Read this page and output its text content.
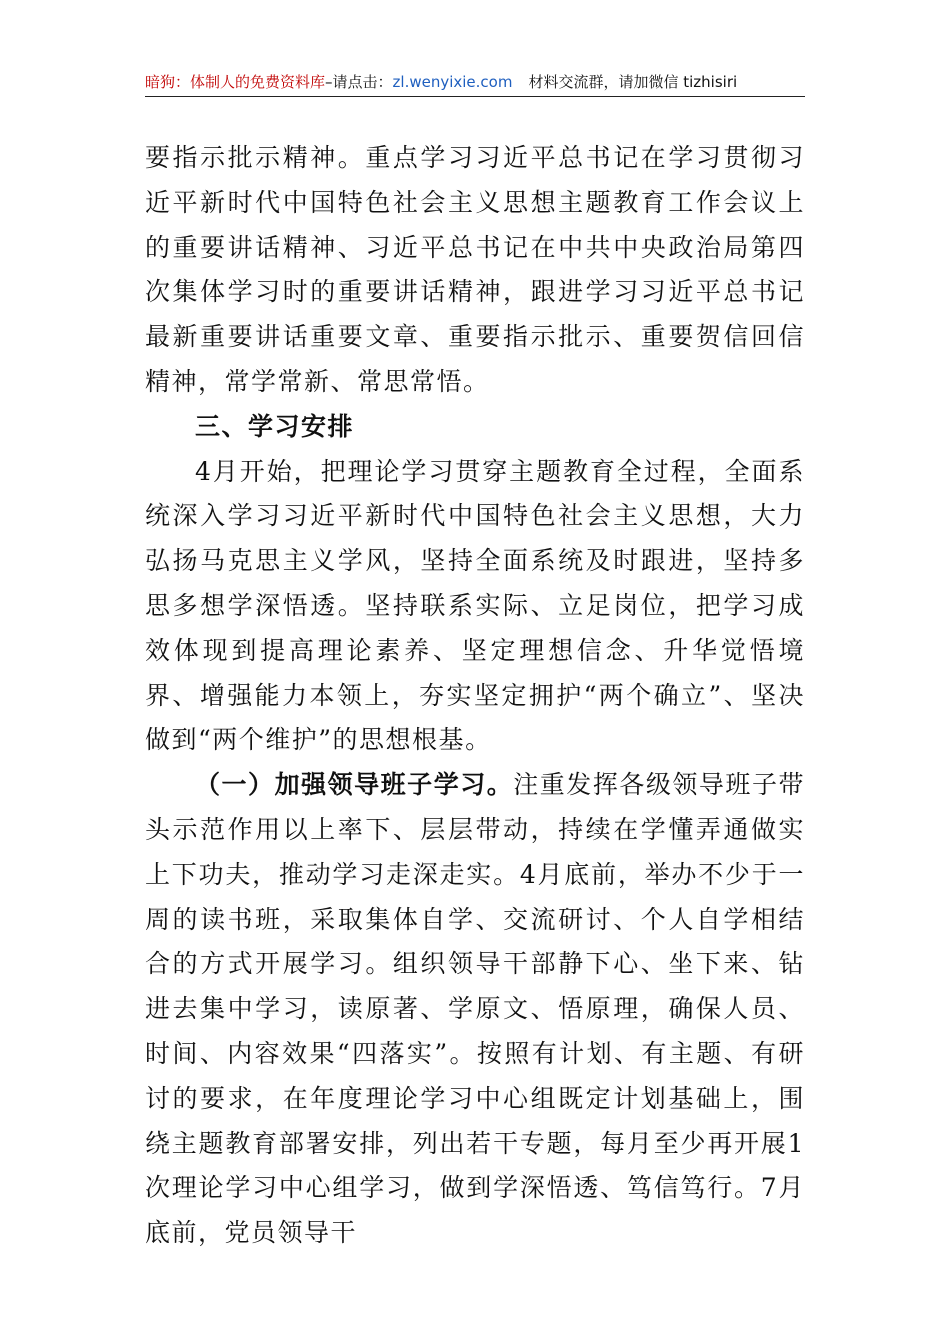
暗狗：体制人的免费资料库–请点击：zl.wenyixie.com 材料交流群，请加微信 tizhisiri

要指示批示精神。重点学习习近平总书记在学习贯彻习近平新时代中国特色社会主义思想主题教育工作会议上的重要讲话精神、习近平总书记在中共中央政治局第四次集体学习时的重要讲话精神，跟进学习习近平总书记最新重要讲话重要文章、重要指示批示、重要贺信回信精神，常学常新、常思常悟。

三、学习安排

4月开始，把理论学习贯穿主题教育全过程，全面系统深入学习习近平新时代中国特色社会主义思想，大力弘扬马克思主义学风，坚持全面系统及时跟进，坚持多思多想学深悟透。坚持联系实际、立足岗位，把学习成效体现到提高理论素养、坚定理想信念、升华觉悟境界、增强能力本领上，夯实坚定拥护“两个确立”、坚决做到“两个维护”的思想根基。

（一）加强领导班子学习。注重发挥各级领导班子带头示范作用以上率下、层层带动，持续在学懂弄通做实上下功夫，推动学习走深走实。4月底前，举办不少于一周的读书班，采取集体自学、交流研讨、个人自学相结合的方式开展学习。组织领导干部静下心、坐下来、钻进去集中学习，读原著、学原文、悟原理，确保人员、时间、内容效果“四落实”。按照有计划、有主题、有研讨的要求，在年度理论学习中心组既定计划基础上，围绕主题教育部署安排，列出若干专题，每月至少再开展1次理论学习中心组学习，做到学深悟透、笃信笃行。7月底前，党员领导干
